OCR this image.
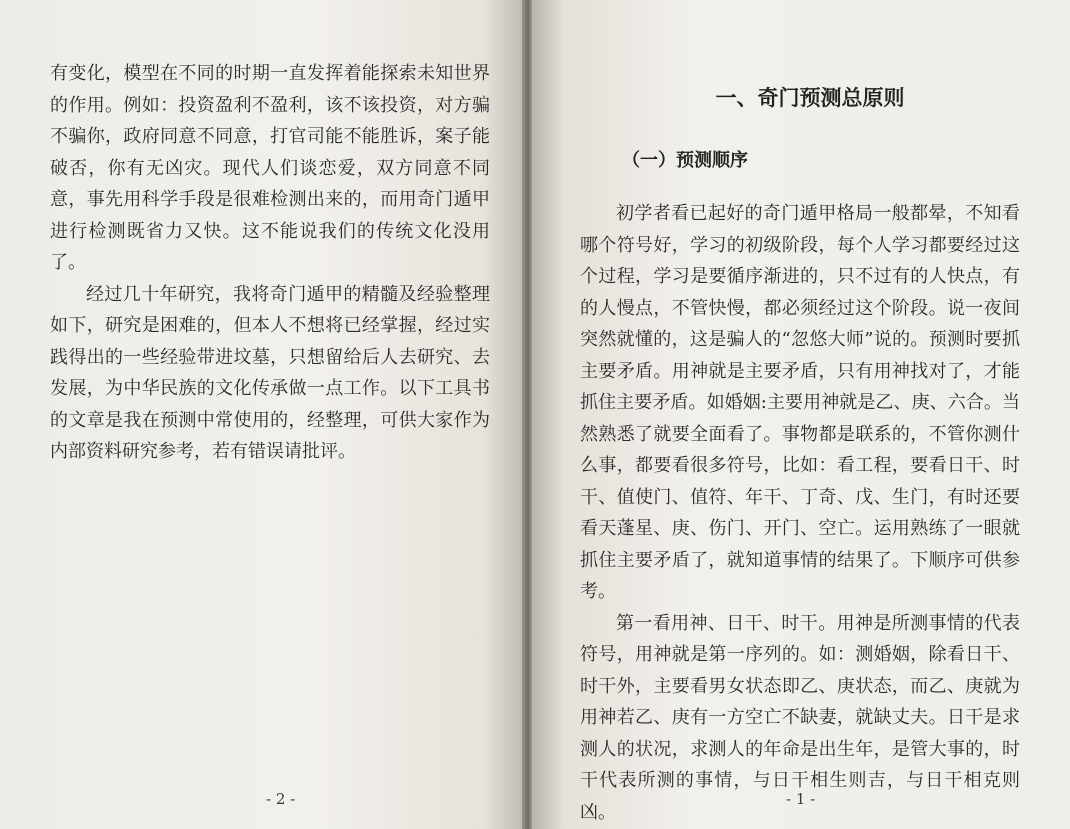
有变化，模型在不同的时期一直发挥着能探索未知世界的作用。例如：投资盈利不盈利，该不该投资，对方骗不骗你，政府同意不同意，打官司能不能胜诉，案子能破否，你有无凶灾。现代人们谈恋爱，双方同意不同意，事先用科学手段是很难检测出来的，而用奇门遁甲进行检测既省力又快。这不能说我们的传统文化没用了。

经过几十年研究，我将奇门遁甲的精髓及经验整理如下，研究是困难的，但本人不想将已经掌握，经过实践得出的一些经验带进坟墓，只想留给后人去研究、去发展，为中华民族的文化传承做一点工作。以下工具书的文章是我在预测中常使用的，经整理，可供大家作为内部资料研究参考，若有错误请批评。

- 2 -
一、奇门预测总原则
（一）预测顺序

初学者看已起好的奇门遁甲格局一般都晕，不知看哪个符号好，学习的初级阶段，每个人学习都要经过这个过程，学习是要循序渐进的，只不过有的人快点，有的人慢点，不管快慢，都必须经过这个阶段。说一夜间突然就懂的，这是骗人的“忽悠大师”说的。预测时要抓主要矛盾。用神就是主要矛盾，只有用神找对了，才能抓住主要矛盾。如婚姻:主要用神就是乙、庚、六合。当然熟悉了就要全面看了。事物都是联系的，不管你测什么事，都要看很多符号，比如：看工程，要看日干、时干、值使门、值符、年干、丁奇、戊、生门，有时还要看天蓬星、庚、伤门、开门、空亡。运用熟练了一眼就抓住主要矛盾了，就知道事情的结果了。下顺序可供参考。

第一看用神、日干、时干。用神是所测事情的代表符号，用神就是第一序列的。如：测婚姻，除看日干、时干外，主要看男女状态即乙、庚状态，而乙、庚就为用神若乙、庚有一方空亡不缺妻，就缺丈夫。日干是求测人的状况，求测人的年命是出生年，是管大事的，时干代表所测的事情，与日干相生则吉，与日干相克则凶。

- 1 -
